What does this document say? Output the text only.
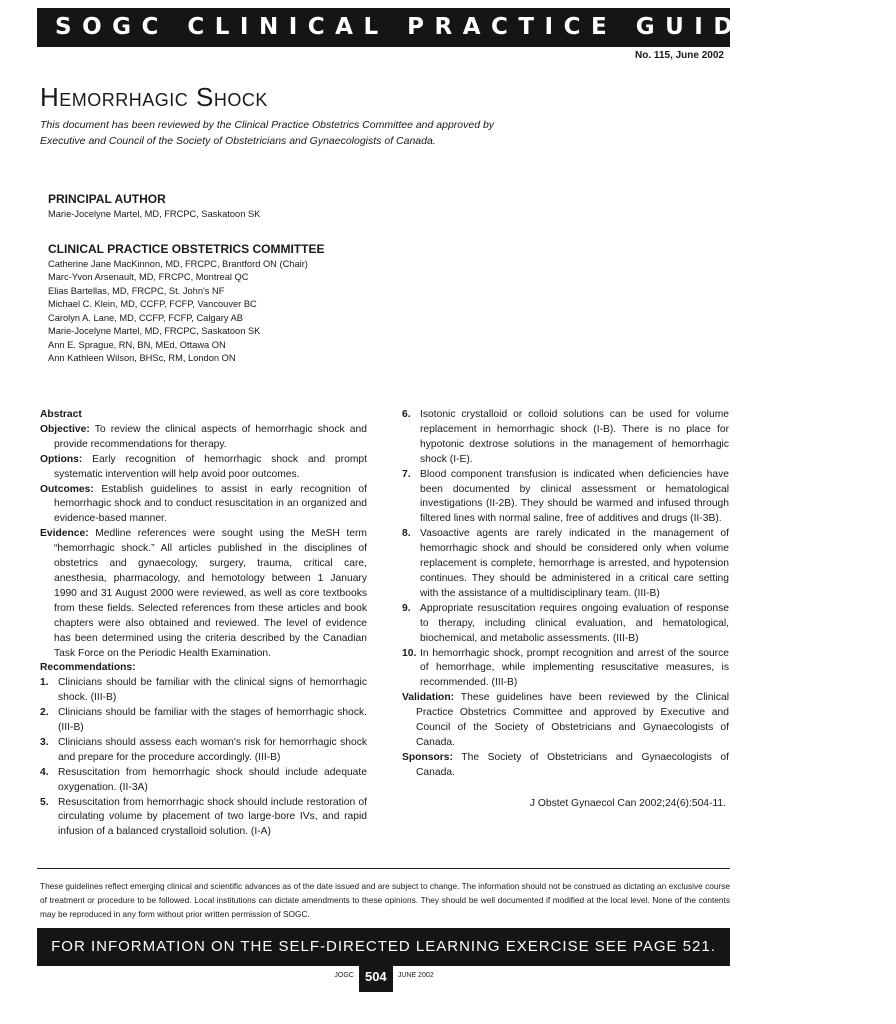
SOGC CLINICAL PRACTICE GUIDELINES
No. 115, June 2002
Hemorrhagic Shock
This document has been reviewed by the Clinical Practice Obstetrics Committee and approved by Executive and Council of the Society of Obstetricians and Gynaecologists of Canada.
PRINCIPAL AUTHOR
Marie-Jocelyne Martel, MD, FRCPC, Saskatoon SK
CLINICAL PRACTICE OBSTETRICS COMMITTEE
Catherine Jane MacKinnon, MD, FRCPC, Brantford ON (Chair)
Marc-Yvon Arsenault, MD, FRCPC, Montreal QC
Elias Bartellas, MD, FRCPC, St. John's NF
Michael C. Klein, MD, CCFP, FCFP, Vancouver BC
Carolyn A. Lane, MD, CCFP, FCFP, Calgary AB
Marie-Jocelyne Martel, MD, FRCPC, Saskatoon SK
Ann E. Sprague, RN, BN, MEd, Ottawa ON
Ann Kathleen Wilson, BHSc, RM, London ON

Abstract

Objective: To review the clinical aspects of hemorrhagic shock and provide recommendations for therapy.

Options: Early recognition of hemorrhagic shock and prompt systematic intervention will help avoid poor outcomes.

Outcomes: Establish guidelines to assist in early recognition of hemorrhagic shock and to conduct resuscitation in an organized and evidence-based manner.

Evidence: Medline references were sought using the MeSH term “hemorrhagic shock.” All articles published in the disciplines of obstetrics and gynaecology, surgery, trauma, critical care, anesthesia, pharmacology, and hemotology between 1 January 1990 and 31 August 2000 were reviewed, as well as core textbooks from these fields. Selected references from these articles and book chapters were also obtained and reviewed. The level of evidence has been determined using the criteria described by the Canadian Task Force on the Periodic Health Examination.

Recommendations:

1. Clinicians should be familiar with the clinical signs of hemorrhagic shock. (III-B)

2. Clinicians should be familiar with the stages of hemorrhagic shock. (III-B)

3. Clinicians should assess each woman's risk for hemorrhagic shock and prepare for the procedure accordingly. (III-B)

4. Resuscitation from hemorrhagic shock should include adequate oxygenation. (II-3A)

5. Resuscitation from hemorrhagic shock should include restoration of circulating volume by placement of two large-bore IVs, and rapid infusion of a balanced crystalloid solution. (I-A)

6. Isotonic crystalloid or colloid solutions can be used for volume replacement in hemorrhagic shock (I-B). There is no place for hypotonic dextrose solutions in the management of hemorrhagic shock (I-E).

7. Blood component transfusion is indicated when deficiencies have been documented by clinical assessment or hematological investigations (II-2B). They should be warmed and infused through filtered lines with normal saline, free of additives and drugs (II-3B).

8. Vasoactive agents are rarely indicated in the management of hemorrhagic shock and should be considered only when volume replacement is complete, hemorrhage is arrested, and hypotension continues. They should be administered in a critical care setting with the assistance of a multidisciplinary team. (III-B)

9. Appropriate resuscitation requires ongoing evaluation of response to therapy, including clinical evaluation, and hematological, biochemical, and metabolic assessments. (III-B)

10. In hemorrhagic shock, prompt recognition and arrest of the source of hemorrhage, while implementing resuscitative measures, is recommended. (III-B)

Validation: These guidelines have been reviewed by the Clinical Practice Obstetrics Committee and approved by Executive and Council of the Society of Obstetricians and Gynaecologists of Canada.

Sponsors: The Society of Obstetricians and Gynaecologists of Canada.

J Obstet Gynaecol Can 2002;24(6):504-11.

These guidelines reflect emerging clinical and scientific advances as of the date issued and are subject to change. The information should not be construed as dictating an exclusive course of treatment or procedure to be followed. Local institutions can dictate amendments to these opinions. They should be well documented if modified at the local level. None of the contents may be reproduced in any form without prior written permission of SOGC.
FOR INFORMATION ON THE SELF-DIRECTED LEARNING EXERCISE SEE PAGE 521.
JOGC 504	JUNE 2002
